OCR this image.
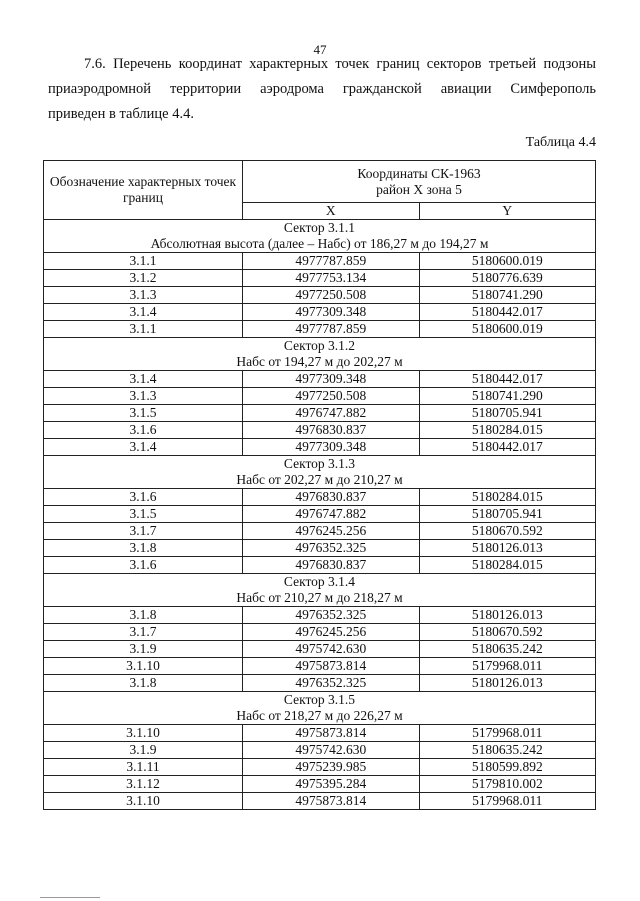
47
7.6. Перечень координат характерных точек границ секторов третьей подзоны
приаэродромной территории аэродрома гражданской авиации Симферополь
приведен в таблице 4.4.
Таблица 4.4
Обозначение характерных точек границ	Координаты СК-1963
район X зона 5	
	X	Y
Сектор 3.1.1
Абсолютная высота (далее – Набс) от 186,27 м до 194,27 м		
3.1.1	4977787.859	5180600.019
3.1.2	4977753.134	5180776.639
3.1.3	4977250.508	5180741.290
3.1.4	4977309.348	5180442.017
3.1.1	4977787.859	5180600.019
Сектор 3.1.2
Набс от 194,27 м до 202,27 м		
3.1.4	4977309.348	5180442.017
3.1.3	4977250.508	5180741.290
3.1.5	4976747.882	5180705.941
3.1.6	4976830.837	5180284.015
3.1.4	4977309.348	5180442.017
Сектор 3.1.3
Набс от 202,27 м до 210,27 м		
3.1.6	4976830.837	5180284.015
3.1.5	4976747.882	5180705.941
3.1.7	4976245.256	5180670.592
3.1.8	4976352.325	5180126.013
3.1.6	4976830.837	5180284.015
Сектор 3.1.4
Набс от 210,27 м до 218,27 м		
3.1.8	4976352.325	5180126.013
3.1.7	4976245.256	5180670.592
3.1.9	4975742.630	5180635.242
3.1.10	4975873.814	5179968.011
3.1.8	4976352.325	5180126.013
Сектор 3.1.5
Набс от 218,27 м до 226,27 м		
3.1.10	4975873.814	5179968.011
3.1.9	4975742.630	5180635.242
3.1.11	4975239.985	5180599.892
3.1.12	4975395.284	5179810.002
3.1.10	4975873.814	5179968.011
